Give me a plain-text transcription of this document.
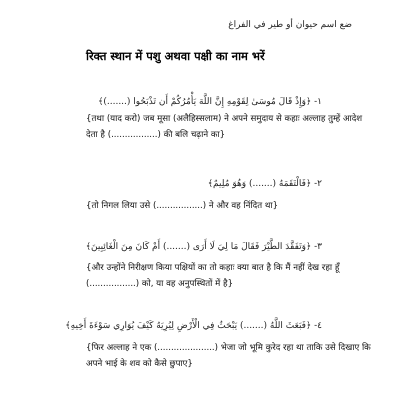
ضع اسم حيوان أو طير في الفراغ
रिक्त स्थान में पशु अथवा पक्षी का नाम भरें
١- ﴿وَإِذْ قَالَ مُوسَىٰ لِقَوْمِهِ إِنَّ اللَّهَ يَأْمُرُكُمْ أَن تَذْبَحُوا (.......)﴾
{तथा (याद करो) जब मूसा (अलैहिस्सलाम) ने अपने समुदाय से कहाः अल्लाह तुम्हें आदेश देता है (.................) की बलि चढ़ाने का}
٢- ﴿فَالْتَقَمَهُ (.......) وَهُوَ مُلِيمٌ﴾
{तो निगल लिया उसे (.................) ने और वह निंदित था}
٣- ﴿وَتَفَقَّدَ الطَّيْرَ فَقَالَ مَا لِيَ لَا أَرَى (.......) أَمْ كَانَ مِنَ الْغَائِبِينَ﴾
{और उन्होंने निरीक्षण किया पक्षियों का तो कहाः क्या बात है कि मैं नहीं देख रहा हूँ (.................) को, या वह अनुपस्थितों में है}
٤- ﴿فَبَعَثَ اللَّهُ (.......) يَبْحَثُ فِي الْأَرْضِ لِيُرِيَهُ كَيْفَ يُوَارِي سَوْءَةَ أَخِيهِ﴾
{फिर अल्लाह ने एक (.....................) भेजा जो भूमि कुरेद रहा था ताकि उसे दिखाए कि अपने भाई के शव को कैसे छुपाए}
